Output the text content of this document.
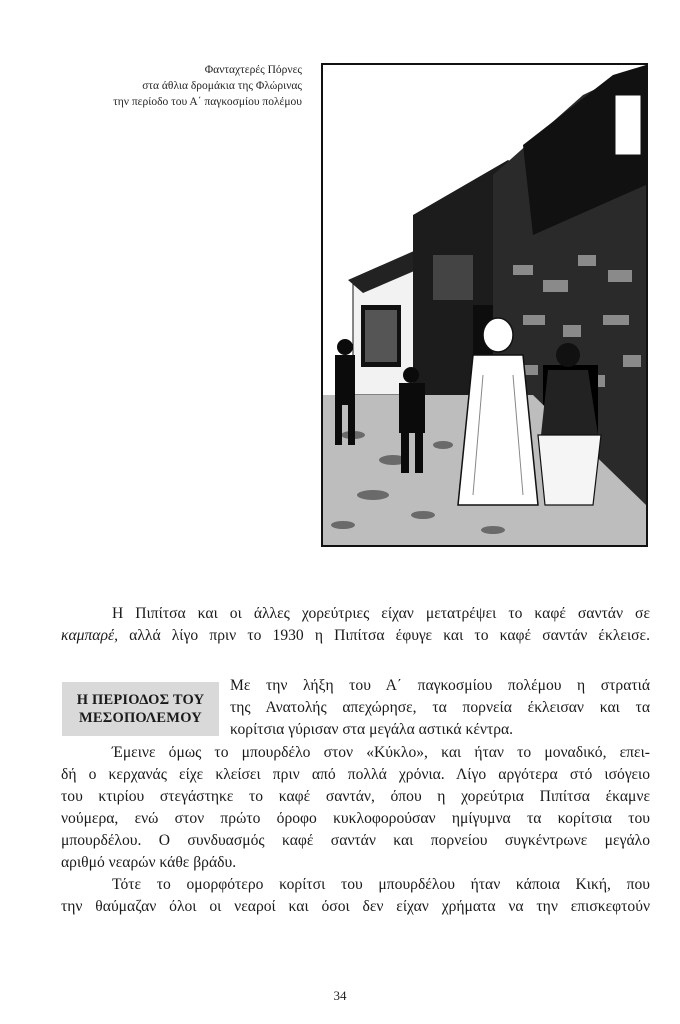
Φανταχτερές Πόρνες
στα άθλια δρομάκια της Φλώρινας
την περίοδο του Α΄ παγκοσμίου πολέμου
Η Πιπίτσα και οι άλλες χορεύτριες είχαν μετατρέψει το καφέ σαντάν σε
καμπαρέ, αλλά λίγο πριν το 1930 η Πιπίτσα έφυγε και το καφέ σαντάν έκλεισε.
Η ΠΕΡΙΟΔΟΣ ΤΟΥ
ΜΕΣΟΠΟΛΕΜΟΥ
Με την λήξη του Α΄ παγκοσμίου πολέμου η στρατιά
της Ανατολής απεχώρησε, τα πορνεία έκλεισαν και τα
κορίτσια γύρισαν στα μεγάλα αστικά κέντρα.
Έμεινε όμως το μπουρδέλο στον «Κύκλο», και ήταν το μοναδικό, επει-
δή ο κερχανάς είχε κλείσει πριν από πολλά χρόνια. Λίγο αργότερα στό ισόγειο
του κτιρίου στεγάστηκε το καφέ σαντάν, όπου η χορεύτρια Πιπίτσα έκαμνε
νούμερα, ενώ στον πρώτο όροφο κυκλοφορούσαν ημίγυμνα τα κορίτσια του
μπουρδέλου. Ο συνδυασμός καφέ σαντάν και πορνείου συγκέντρωνε μεγάλο
αριθμό νεαρών κάθε βράδυ.
Τότε το ομορφότερο κορίτσι του μπουρδέλου ήταν κάποια Κική, που
την θαύμαζαν όλοι οι νεαροί και όσοι δεν είχαν χρήματα να την επισκεφτούν
34
